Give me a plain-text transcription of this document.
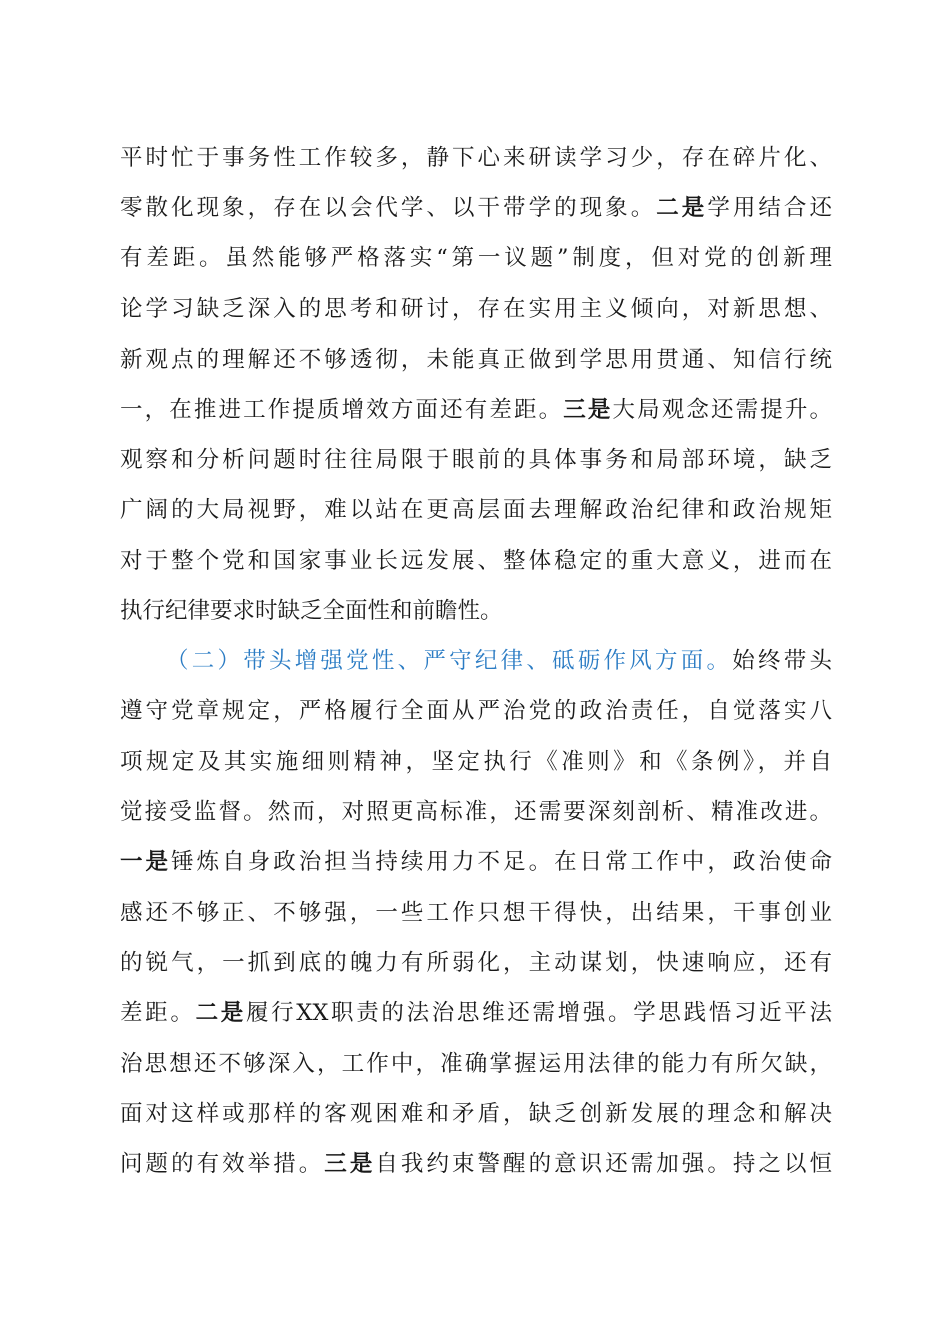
平时忙于事务性工作较多，静下心来研读学习少，存在碎片化、
零散化现象，存在以会代学、以干带学的现象。二是学用结合还
有差距。虽然能够严格落实“第一议题”制度，但对党的创新理
论学习缺乏深入的思考和研讨，存在实用主义倾向，对新思想、
新观点的理解还不够透彻，未能真正做到学思用贯通、知信行统
一，在推进工作提质增效方面还有差距。三是大局观念还需提升。
观察和分析问题时往往局限于眼前的具体事务和局部环境，缺乏
广阔的大局视野，难以站在更高层面去理解政治纪律和政治规矩
对于整个党和国家事业长远发展、整体稳定的重大意义，进而在
执行纪律要求时缺乏全面性和前瞻性。
（二）带头增强党性、严守纪律、砥砺作风方面。始终带头
遵守党章规定，严格履行全面从严治党的政治责任，自觉落实八
项规定及其实施细则精神，坚定执行《准则》和《条例》，并自
觉接受监督。然而，对照更高标准，还需要深刻剖析、精准改进。
一是锤炼自身政治担当持续用力不足。在日常工作中，政治使命
感还不够正、不够强，一些工作只想干得快，出结果，干事创业
的锐气，一抓到底的魄力有所弱化，主动谋划，快速响应，还有
差距。二是履行XX职责的法治思维还需增强。学思践悟习近平法
治思想还不够深入，工作中，准确掌握运用法律的能力有所欠缺，
面对这样或那样的客观困难和矛盾，缺乏创新发展的理念和解决
问题的有效举措。三是自我约束警醒的意识还需加强。持之以恒
